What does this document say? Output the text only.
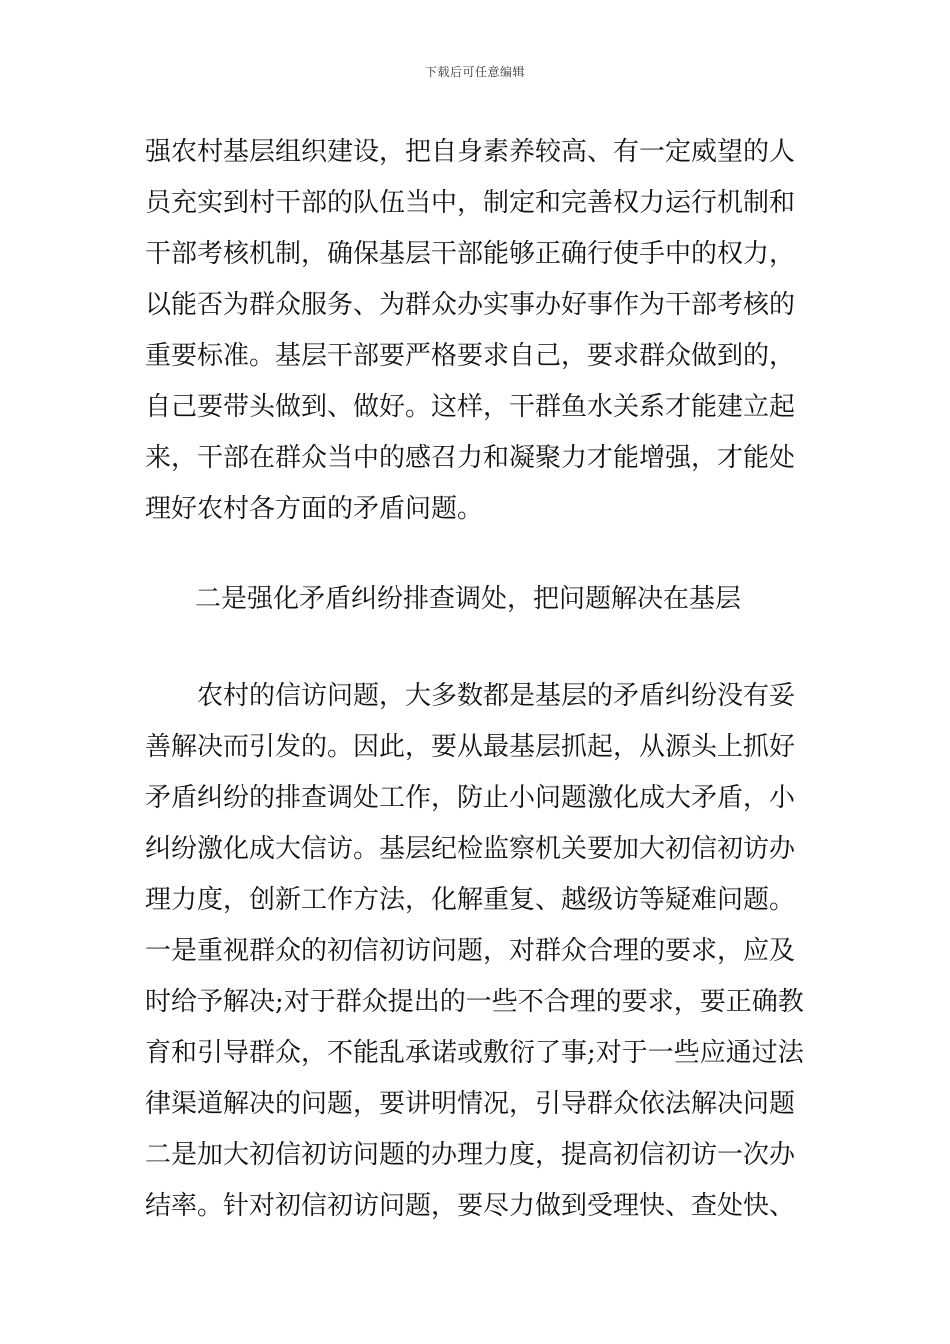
下载后可任意编辑
强农村基层组织建设，把自身素养较高、有一定威望的人
员充实到村干部的队伍当中，制定和完善权力运行机制和
干部考核机制，确保基层干部能够正确行使手中的权力，
以能否为群众服务、为群众办实事办好事作为干部考核的
重要标准。基层干部要严格要求自己，要求群众做到的，
自己要带头做到、做好。这样，干群鱼水关系才能建立起
来，干部在群众当中的感召力和凝聚力才能增强，才能处
理好农村各方面的矛盾问题。
二是强化矛盾纠纷排查调处，把问题解决在基层
　　农村的信访问题，大多数都是基层的矛盾纠纷没有妥
善解决而引发的。因此，要从最基层抓起，从源头上抓好
矛盾纠纷的排查调处工作，防止小问题激化成大矛盾，小
纠纷激化成大信访。基层纪检监察机关要加大初信初访办
理力度，创新工作方法，化解重复、越级访等疑难问题。
一是重视群众的初信初访问题，对群众合理的要求，应及
时给予解决;对于群众提出的一些不合理的要求，要正确教
育和引导群众，不能乱承诺或敷衍了事;对于一些应通过法
律渠道解决的问题，要讲明情况，引导群众依法解决问题
二是加大初信初访问题的办理力度，提高初信初访一次办
结率。针对初信初访问题，要尽力做到受理快、查处快、
